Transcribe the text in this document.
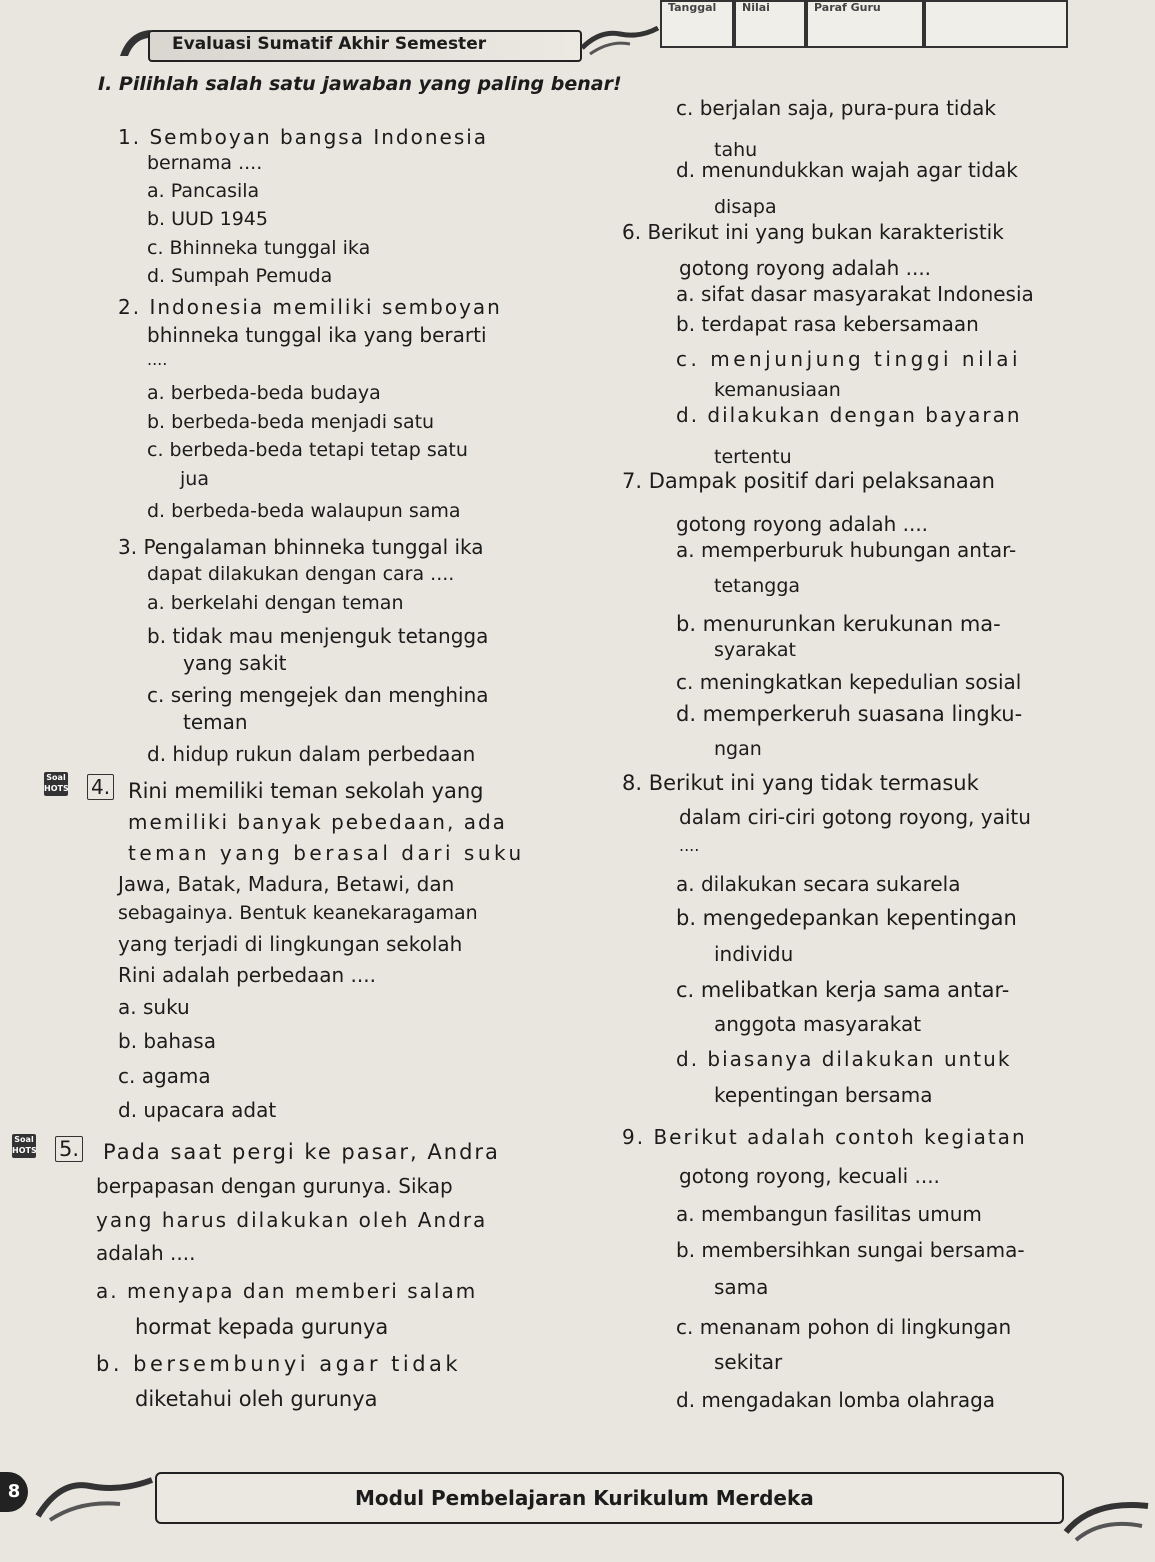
Evaluasi Sumatif Akhir Semester
Tanggal Nilai	Paraf Guru
I. Pilihlah salah satu jawaban yang paling benar!
1. Semboyan bangsa Indonesia
bernama ....
a. Pancasila
b. UUD 1945
c. Bhinneka tunggal ika
d. Sumpah Pemuda
2. Indonesia memiliki semboyan
bhinneka tunggal ika yang berarti
....
a. berbeda-beda budaya
b. berbeda-beda menjadi satu
c. berbeda-beda tetapi tetap satu
jua
d. berbeda-beda walaupun sama
3. Pengalaman bhinneka tunggal ika
dapat dilakukan dengan cara ....
a. berkelahi dengan teman
b. tidak mau menjenguk tetangga
yang sakit
c. sering mengejek dan menghina
teman
d. hidup rukun dalam perbedaan
Soal HOTS 4. Rini memiliki teman sekolah yang
memiliki banyak pebedaan, ada
teman yang berasal dari suku
Jawa, Batak, Madura, Betawi, dan
sebagainya. Bentuk keanekaragaman
yang terjadi di lingkungan sekolah
Rini adalah perbedaan ....
a. suku
b. bahasa
c. agama
d. upacara adat
Soal HOTS 5. Pada saat pergi ke pasar, Andra
berpapasan dengan gurunya. Sikap
yang harus dilakukan oleh Andra
adalah ....
a. menyapa dan memberi salam
hormat kepada gurunya
b. bersembunyi agar tidak
diketahui oleh gurunya
c. berjalan saja, pura-pura tidak
tahu
d. menundukkan wajah agar tidak
disapa
6. Berikut ini yang bukan karakteristik
gotong royong adalah ....
a. sifat dasar masyarakat Indonesia
b. terdapat rasa kebersamaan
c. menjunjung tinggi nilai
kemanusiaan
d. dilakukan dengan bayaran
tertentu
7. Dampak positif dari pelaksanaan
gotong royong adalah ....
a. memperburuk hubungan antar-
tetangga
b. menurunkan kerukunan ma-
syarakat
c. meningkatkan kepedulian sosial
d. memperkeruh suasana lingku-
ngan
8. Berikut ini yang tidak termasuk
dalam ciri-ciri gotong royong, yaitu
....
a. dilakukan secara sukarela
b. mengedepankan kepentingan
individu
c. melibatkan kerja sama antar-
anggota masyarakat
d. biasanya dilakukan untuk
kepentingan bersama
9. Berikut adalah contoh kegiatan
gotong royong, kecuali ....
a. membangun fasilitas umum
b. membersihkan sungai bersama-
sama
c. menanam pohon di lingkungan
sekitar
d. mengadakan lomba olahraga
8	Modul Pembelajaran Kurikulum Merdeka
